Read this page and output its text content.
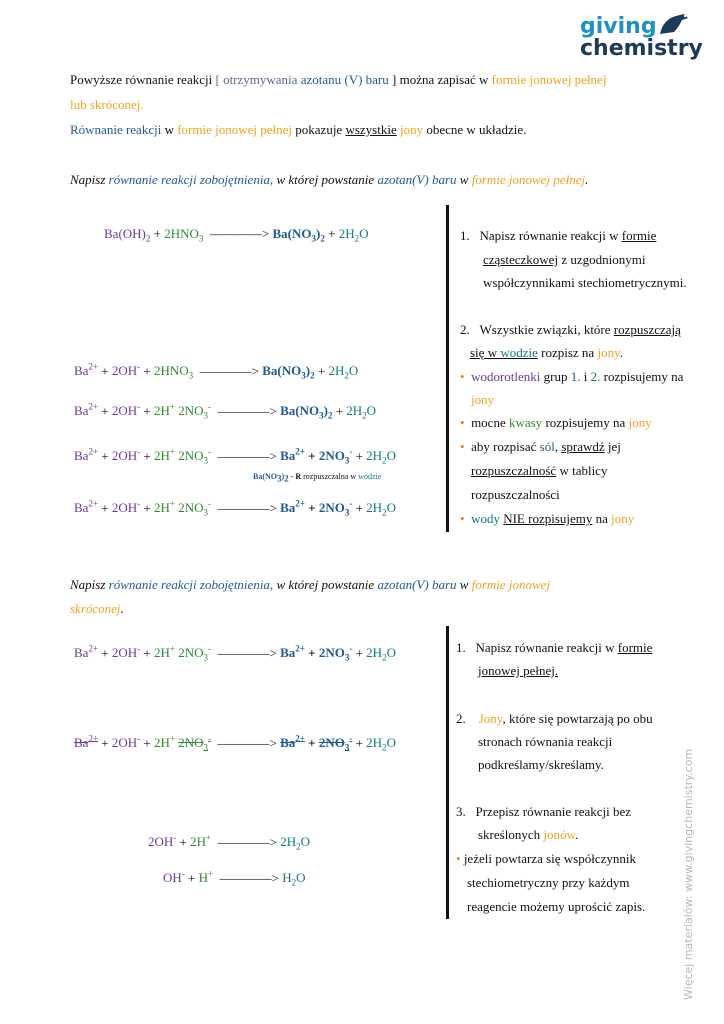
giving
chemistry
Powyższe równanie reakcji [ otrzymywania azotanu (V) baru ] można zapisać w formie jonowej pełnej
lub skróconej.
Równanie reakcji w formie jonowej pełnej pokazuje wszystkie jony obecne w układzie.
Napisz równanie reakcji zobojętnienia, w której powstanie azotan(V) baru w formie jonowej pełnej.
$Ba(OH)_2 + 2HNO_3$ ————> $Ba(NO_3)_2 + 2H_2O$
$Ba^{2+} + 2OH^- + 2HNO_3$ ————> $Ba(NO_3)_2 + 2H_2O$
$Ba^{2+} + 2OH^- + 2H^+$ $2NO_3^-$ ————> $Ba(NO_3)_2 + 2H_2O$
$Ba^{2+} + 2OH^- + 2H^+$ $2NO_3^-$ ————> $Ba^{2+} + 2NO_3^- + 2H_2O$
$Ba(NO_3)_2$ - R rozpuszczalna w wodzie
$Ba^{2+} + 2OH^- + 2H^+$ $2NO_3^-$ ————> $Ba^{2+} + 2NO_3^- + 2H_2O$
1. Napisz równanie reakcji w formie
cząsteczkowej z uzgodnionymi
współczynnikami stechiometrycznymi.
2. Wszystkie związki, które rozpuszczają
się w wodzie rozpisz na jony.
• wodorotlenki grup 1. i 2. rozpisujemy na
jony
• mocne kwasy rozpisujemy na jony
• aby rozpisać sól, sprawdź jej
rozpuszczalność w tablicy
rozpuszczalności
• wody NIE rozpisujemy na jony
Napisz równanie reakcji zobojętnienia, w której powstanie azotan(V) baru w formie jonowej
skróconej.
$Ba^{2+} + 2OH^- + 2H^+$ $2NO_3^-$ ————> $Ba^{2+} + 2NO_3^- + 2H_2O$
$Ba^{2+} + 2OH^- + 2H^+$ $2NO_3^-$ ————> $Ba^{2+} + 2NO_3^- + 2H_2O$
2OH- + 2H+ ————> $2H_2O$
OH- + H+ ————> $H_2O$
1. Napisz równanie reakcji w formie
jonowej pełnej.
2. Jony, które się powtarzają po obu
stronach równania reakcji
podkreślamy/skreślamy.
3. Przepisz równanie reakcji bez
skreślonych jonów.
• jeżeli powtarza się współczynnik
stechiometryczny przy każdym
reagencie możemy uprościć zapis.	Więcej materiałów: www.givingchemistry.com
